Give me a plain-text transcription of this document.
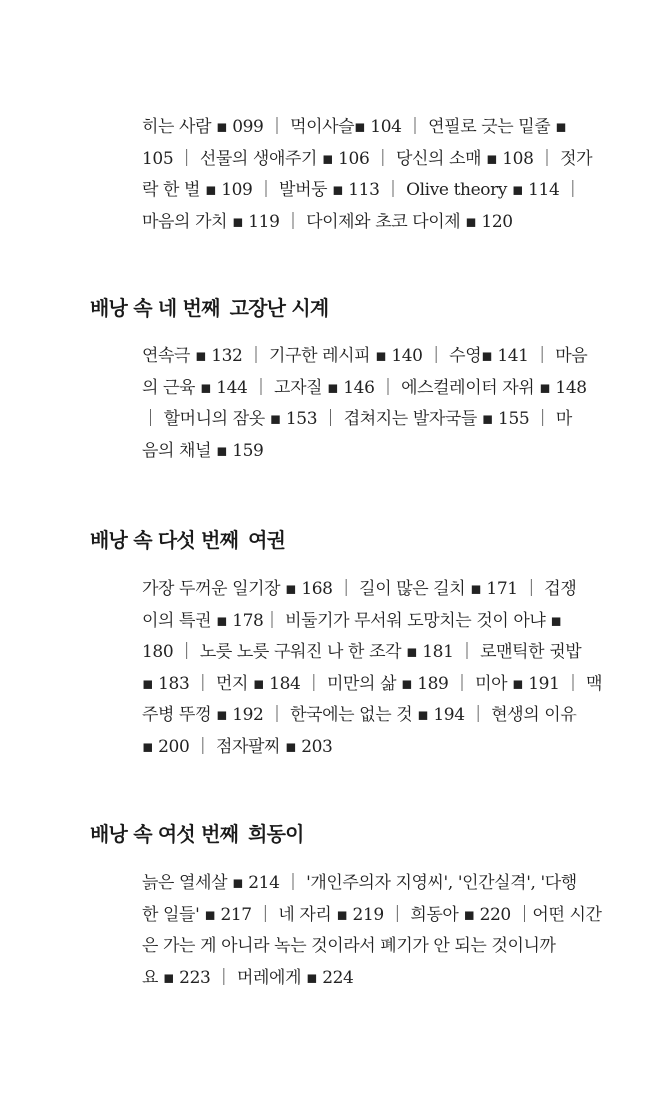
히는 사람 ▪ 099 ｜ 먹이사슬▪ 104 ｜ 연필로 긋는 밑줄 ▪
105 ｜ 선물의 생애주기 ▪ 106 ｜ 당신의 소매 ▪ 108 ｜ 젓가
락 한 벌 ▪ 109 ｜ 발버둥 ▪ 113 ｜ Olive theory ▪ 114 ｜
마음의 가치 ▪ 119 ｜ 다이제와 초코 다이제 ▪ 120
배낭 속 네 번째 고장난 시계
연속극 ▪ 132 ｜ 기구한 레시피 ▪ 140 ｜ 수영▪ 141 ｜ 마음
의 근육 ▪ 144 ｜ 고자질 ▪ 146 ｜ 에스컬레이터 자위 ▪ 148
｜ 할머니의 잠옷 ▪ 153 ｜ 겹쳐지는 발자국들 ▪ 155 ｜ 마
음의 채널 ▪ 159
배낭 속 다섯 번째 여권
가장 두꺼운 일기장 ▪ 168 ｜ 길이 많은 길치 ▪ 171 ｜ 겁쟁
이의 특권 ▪ 178｜ 비둘기가 무서워 도망치는 것이 아냐 ▪
180 ｜ 노릇 노릇 구워진 나 한 조각 ▪ 181 ｜ 로맨틱한 귓밥
▪ 183 ｜ 먼지 ▪ 184 ｜ 미만의 삶 ▪ 189 ｜ 미아 ▪ 191 ｜ 맥
주병 뚜껑 ▪ 192 ｜ 한국에는 없는 것 ▪ 194 ｜ 현생의 이유
▪ 200 ｜ 점자팔찌 ▪ 203
배낭 속 여섯 번째 희동이
늙은 열세살 ▪ 214 ｜ '개인주의자 지영씨', '인간실격', '다행
한 일들' ▪ 217 ｜ 네 자리 ▪ 219 ｜ 희동아 ▪ 220 ｜어떤 시간
은 가는 게 아니라 녹는 것이라서 폐기가 안 되는 것이니까
요 ▪ 223 ｜ 머레에게 ▪ 224
